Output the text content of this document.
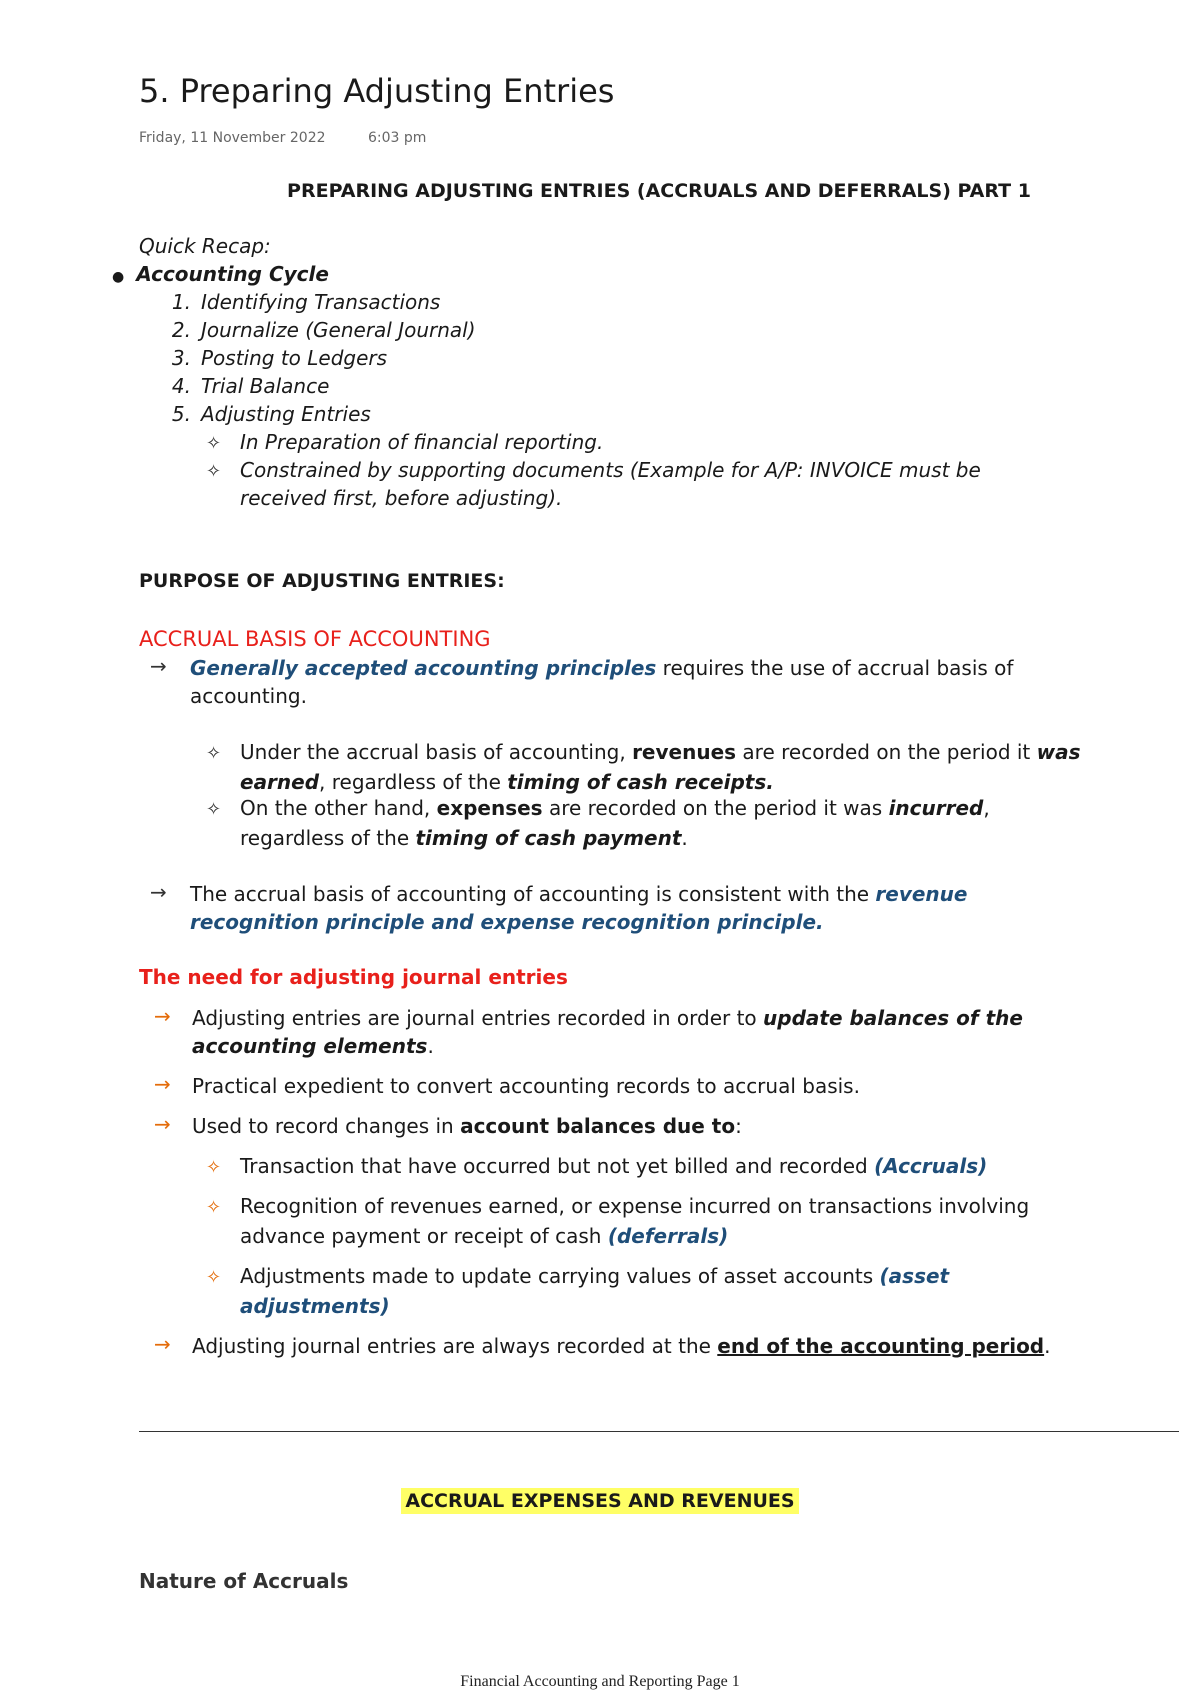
5. Preparing Adjusting Entries
Friday, 11 November 2022	6:03 pm
PREPARING ADJUSTING ENTRIES (ACCRUALS AND DEFERRALS) PART 1
Quick Recap:
● Accounting Cycle
1. Identifying Transactions
2. Journalize (General Journal)
3. Posting to Ledgers
4. Trial Balance
5. Adjusting Entries
✧ In Preparation of financial reporting.
✧ Constrained by supporting documents (Example for A/P: INVOICE must be
received first, before adjusting).
PURPOSE OF ADJUSTING ENTRIES:
ACCRUAL BASIS OF ACCOUNTING
→ Generally accepted accounting principles requires the use of accrual basis of
accounting.
✧ Under the accrual basis of accounting, revenues are recorded on the period it was
earned, regardless of the timing of cash receipts.
✧ On the other hand, expenses are recorded on the period it was incurred,
regardless of the timing of cash payment.
→ The accrual basis of accounting of accounting is consistent with the revenue
recognition principle and expense recognition principle.
The need for adjusting journal entries
→ Adjusting entries are journal entries recorded in order to update balances of the
accounting elements.
→ Practical expedient to convert accounting records to accrual basis.
→ Used to record changes in account balances due to:
✧ Transaction that have occurred but not yet billed and recorded (Accruals)
✧ Recognition of revenues earned, or expense incurred on transactions involving
advance payment or receipt of cash (deferrals)
✧ Adjustments made to update carrying values of asset accounts (asset
adjustments)
→ Adjusting journal entries are always recorded at the end of the accounting period.
ACCRUAL EXPENSES AND REVENUES
Nature of Accruals
Financial Accounting and Reporting Page 1
